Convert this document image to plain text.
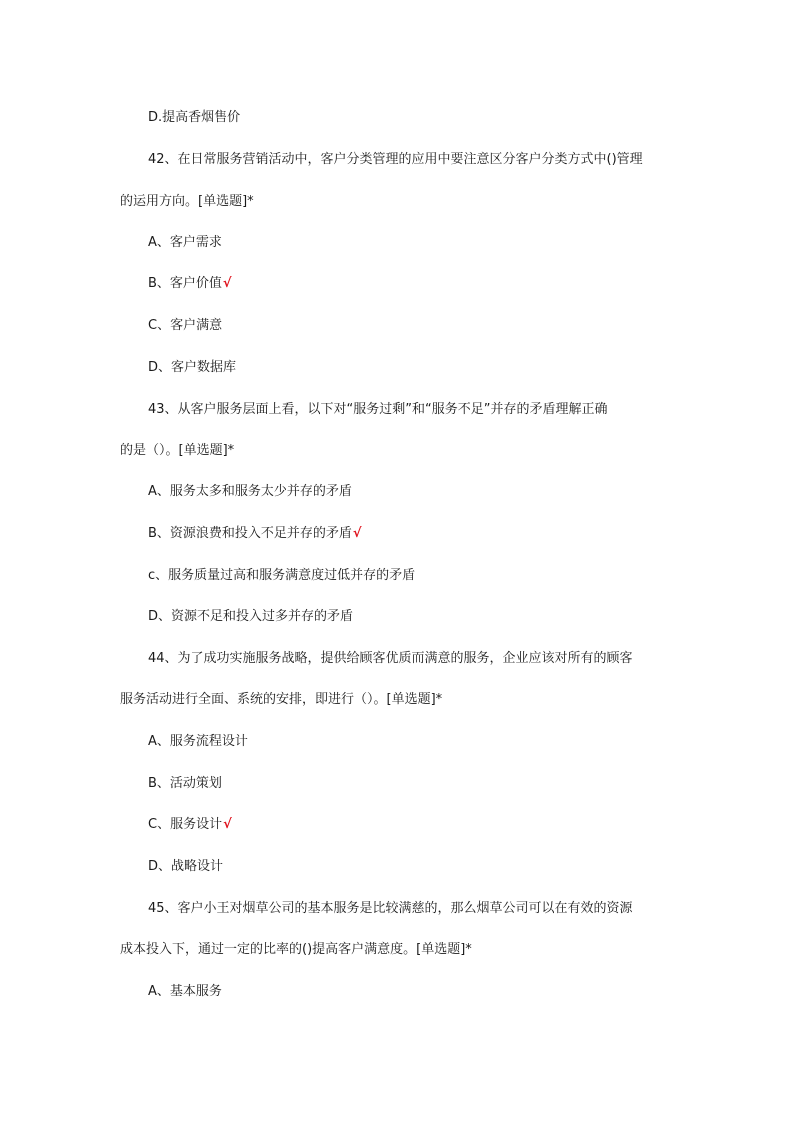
D.提高香烟售价
42、在日常服务营销活动中，客户分类管理的应用中要注意区分客户分类方式中()管理
的运用方向。[单选题]*
A、客户需求
B、客户价值√
C、客户满意
D、客户数据库
43、从客户服务层面上看，以下对“服务过剩”和“服务不足”并存的矛盾理解正确
的是（）。[单选题]*
A、服务太多和服务太少并存的矛盾
B、资源浪费和投入不足并存的矛盾√
c、服务质量过高和服务满意度过低并存的矛盾
D、资源不足和投入过多并存的矛盾
44、为了成功实施服务战略，提供给顾客优质而满意的服务，企业应该对所有的顾客
服务活动进行全面、系统的安排，即进行（）。[单选题]*
A、服务流程设计
B、活动策划
C、服务设计√
D、战略设计
45、客户小王对烟草公司的基本服务是比较满慈的，那么烟草公司可以在有效的资源
成本投入下，通过一定的比率的()提高客户满意度。[单选题]*
A、基本服务
